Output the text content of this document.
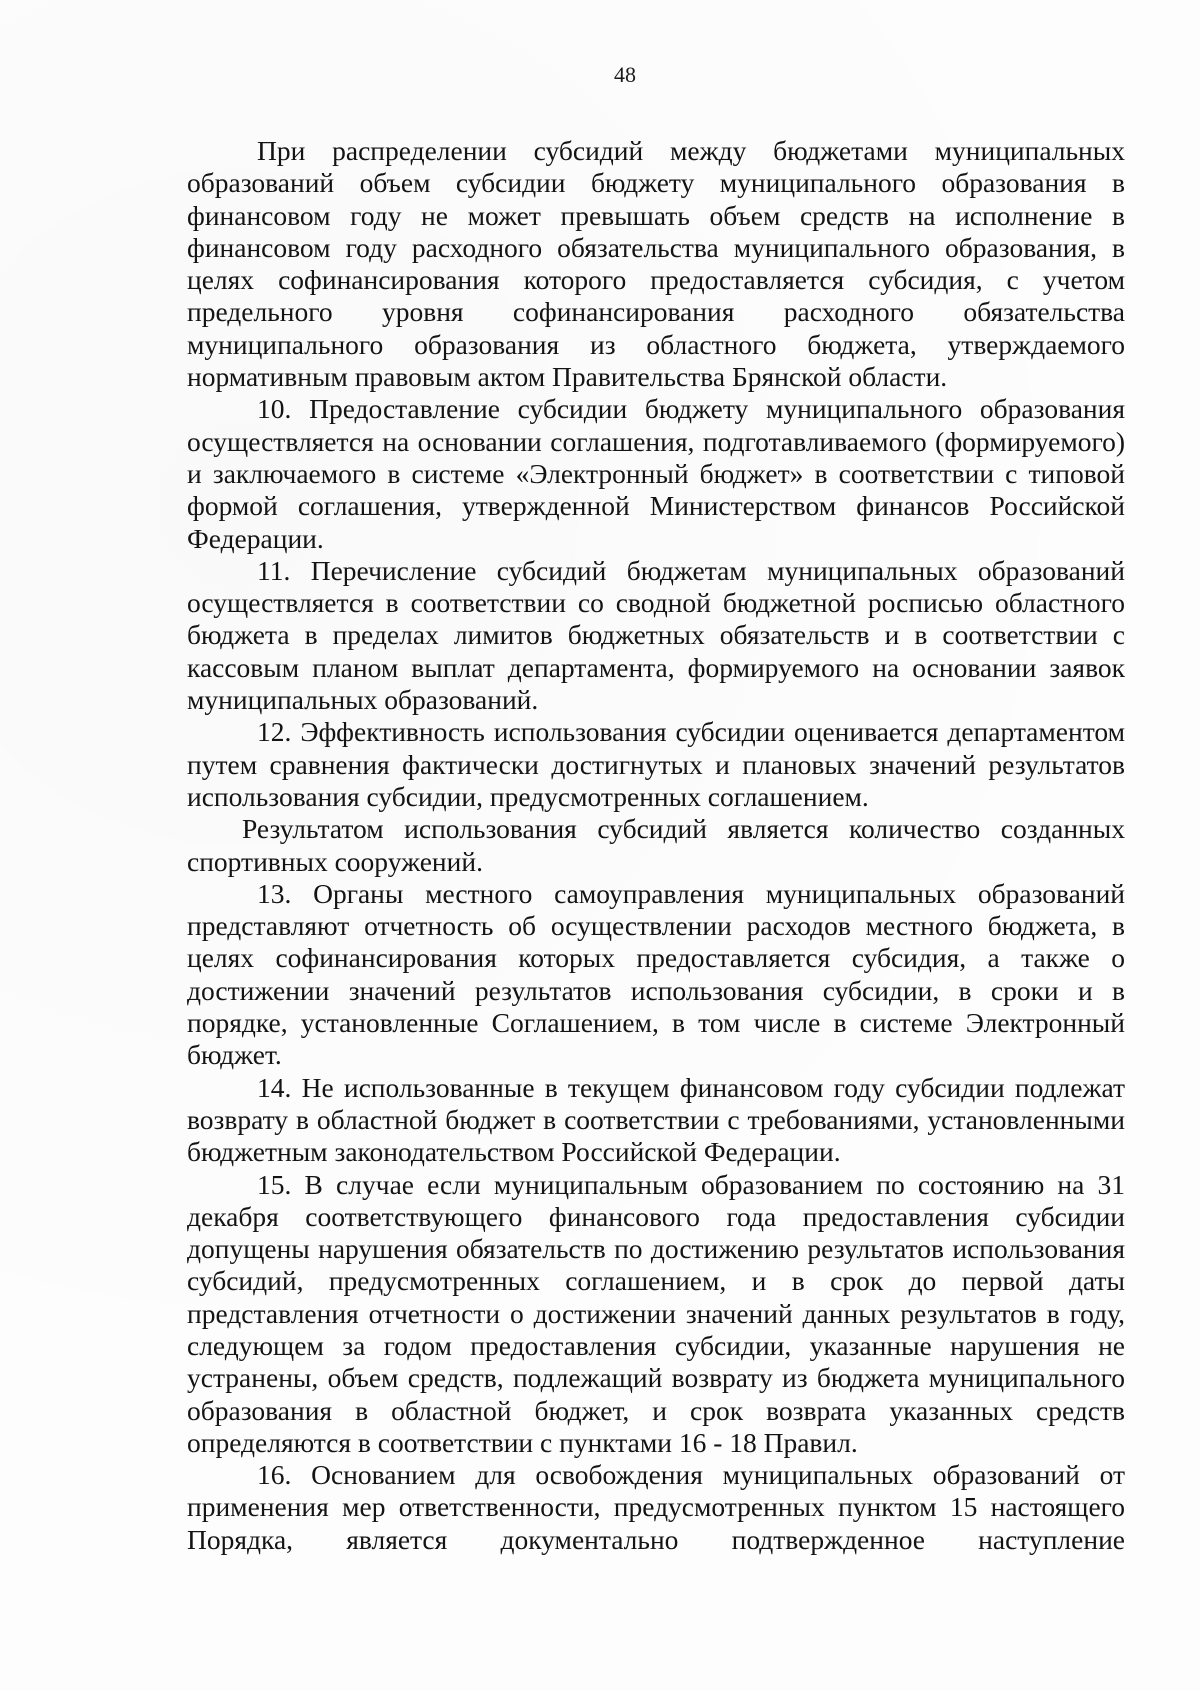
48

При распределении субсидий между бюджетами муниципальных образований объем субсидии бюджету муниципального образования в финансовом году не может превышать объем средств на исполнение в финансовом году расходного обязательства муниципального образования, в целях софинансирования которого предоставляется субсидия, с учетом предельного уровня софинансирования расходного обязательства муниципального образования из областного бюджета, утверждаемого нормативным правовым актом Правительства Брянской области.

10. Предоставление субсидии бюджету муниципального образования осуществляется на основании соглашения, подготавливаемого (формируемого) и заключаемого в системе «Электронный бюджет» в соответствии с типовой формой соглашения, утвержденной Министерством финансов Российской Федерации.

11. Перечисление субсидий бюджетам муниципальных образований осуществляется в соответствии со сводной бюджетной росписью областного бюджета в пределах лимитов бюджетных обязательств и в соответствии с кассовым планом выплат департамента, формируемого на основании заявок муниципальных образований.

12. Эффективность использования субсидии оценивается департаментом путем сравнения фактически достигнутых и плановых значений результатов использования субсидии, предусмотренных соглашением.

Результатом использования субсидий является количество созданных спортивных сооружений.

13. Органы местного самоуправления муниципальных образований представляют отчетность об осуществлении расходов местного бюджета, в целях софинансирования которых предоставляется субсидия, а также о достижении значений результатов использования субсидии, в сроки и в порядке, установленные Соглашением, в том числе в системе Электронный бюджет.

14. Не использованные в текущем финансовом году субсидии подлежат возврату в областной бюджет в соответствии с требованиями, установленными бюджетным законодательством Российской Федерации.

15. В случае если муниципальным образованием по состоянию на 31 декабря соответствующего финансового года предоставления субсидии допущены нарушения обязательств по достижению результатов использования субсидий, предусмотренных соглашением, и в срок до первой даты представления отчетности о достижении значений данных результатов в году, следующем за годом предоставления субсидии, указанные нарушения не устранены, объем средств, подлежащий возврату из бюджета муниципального образования в областной бюджет, и срок возврата указанных средств определяются в соответствии с пунктами 16 - 18 Правил.

16. Основанием для освобождения муниципальных образований от применения мер ответственности, предусмотренных пунктом 15 настоящего Порядка, является документально подтвержденное наступление
